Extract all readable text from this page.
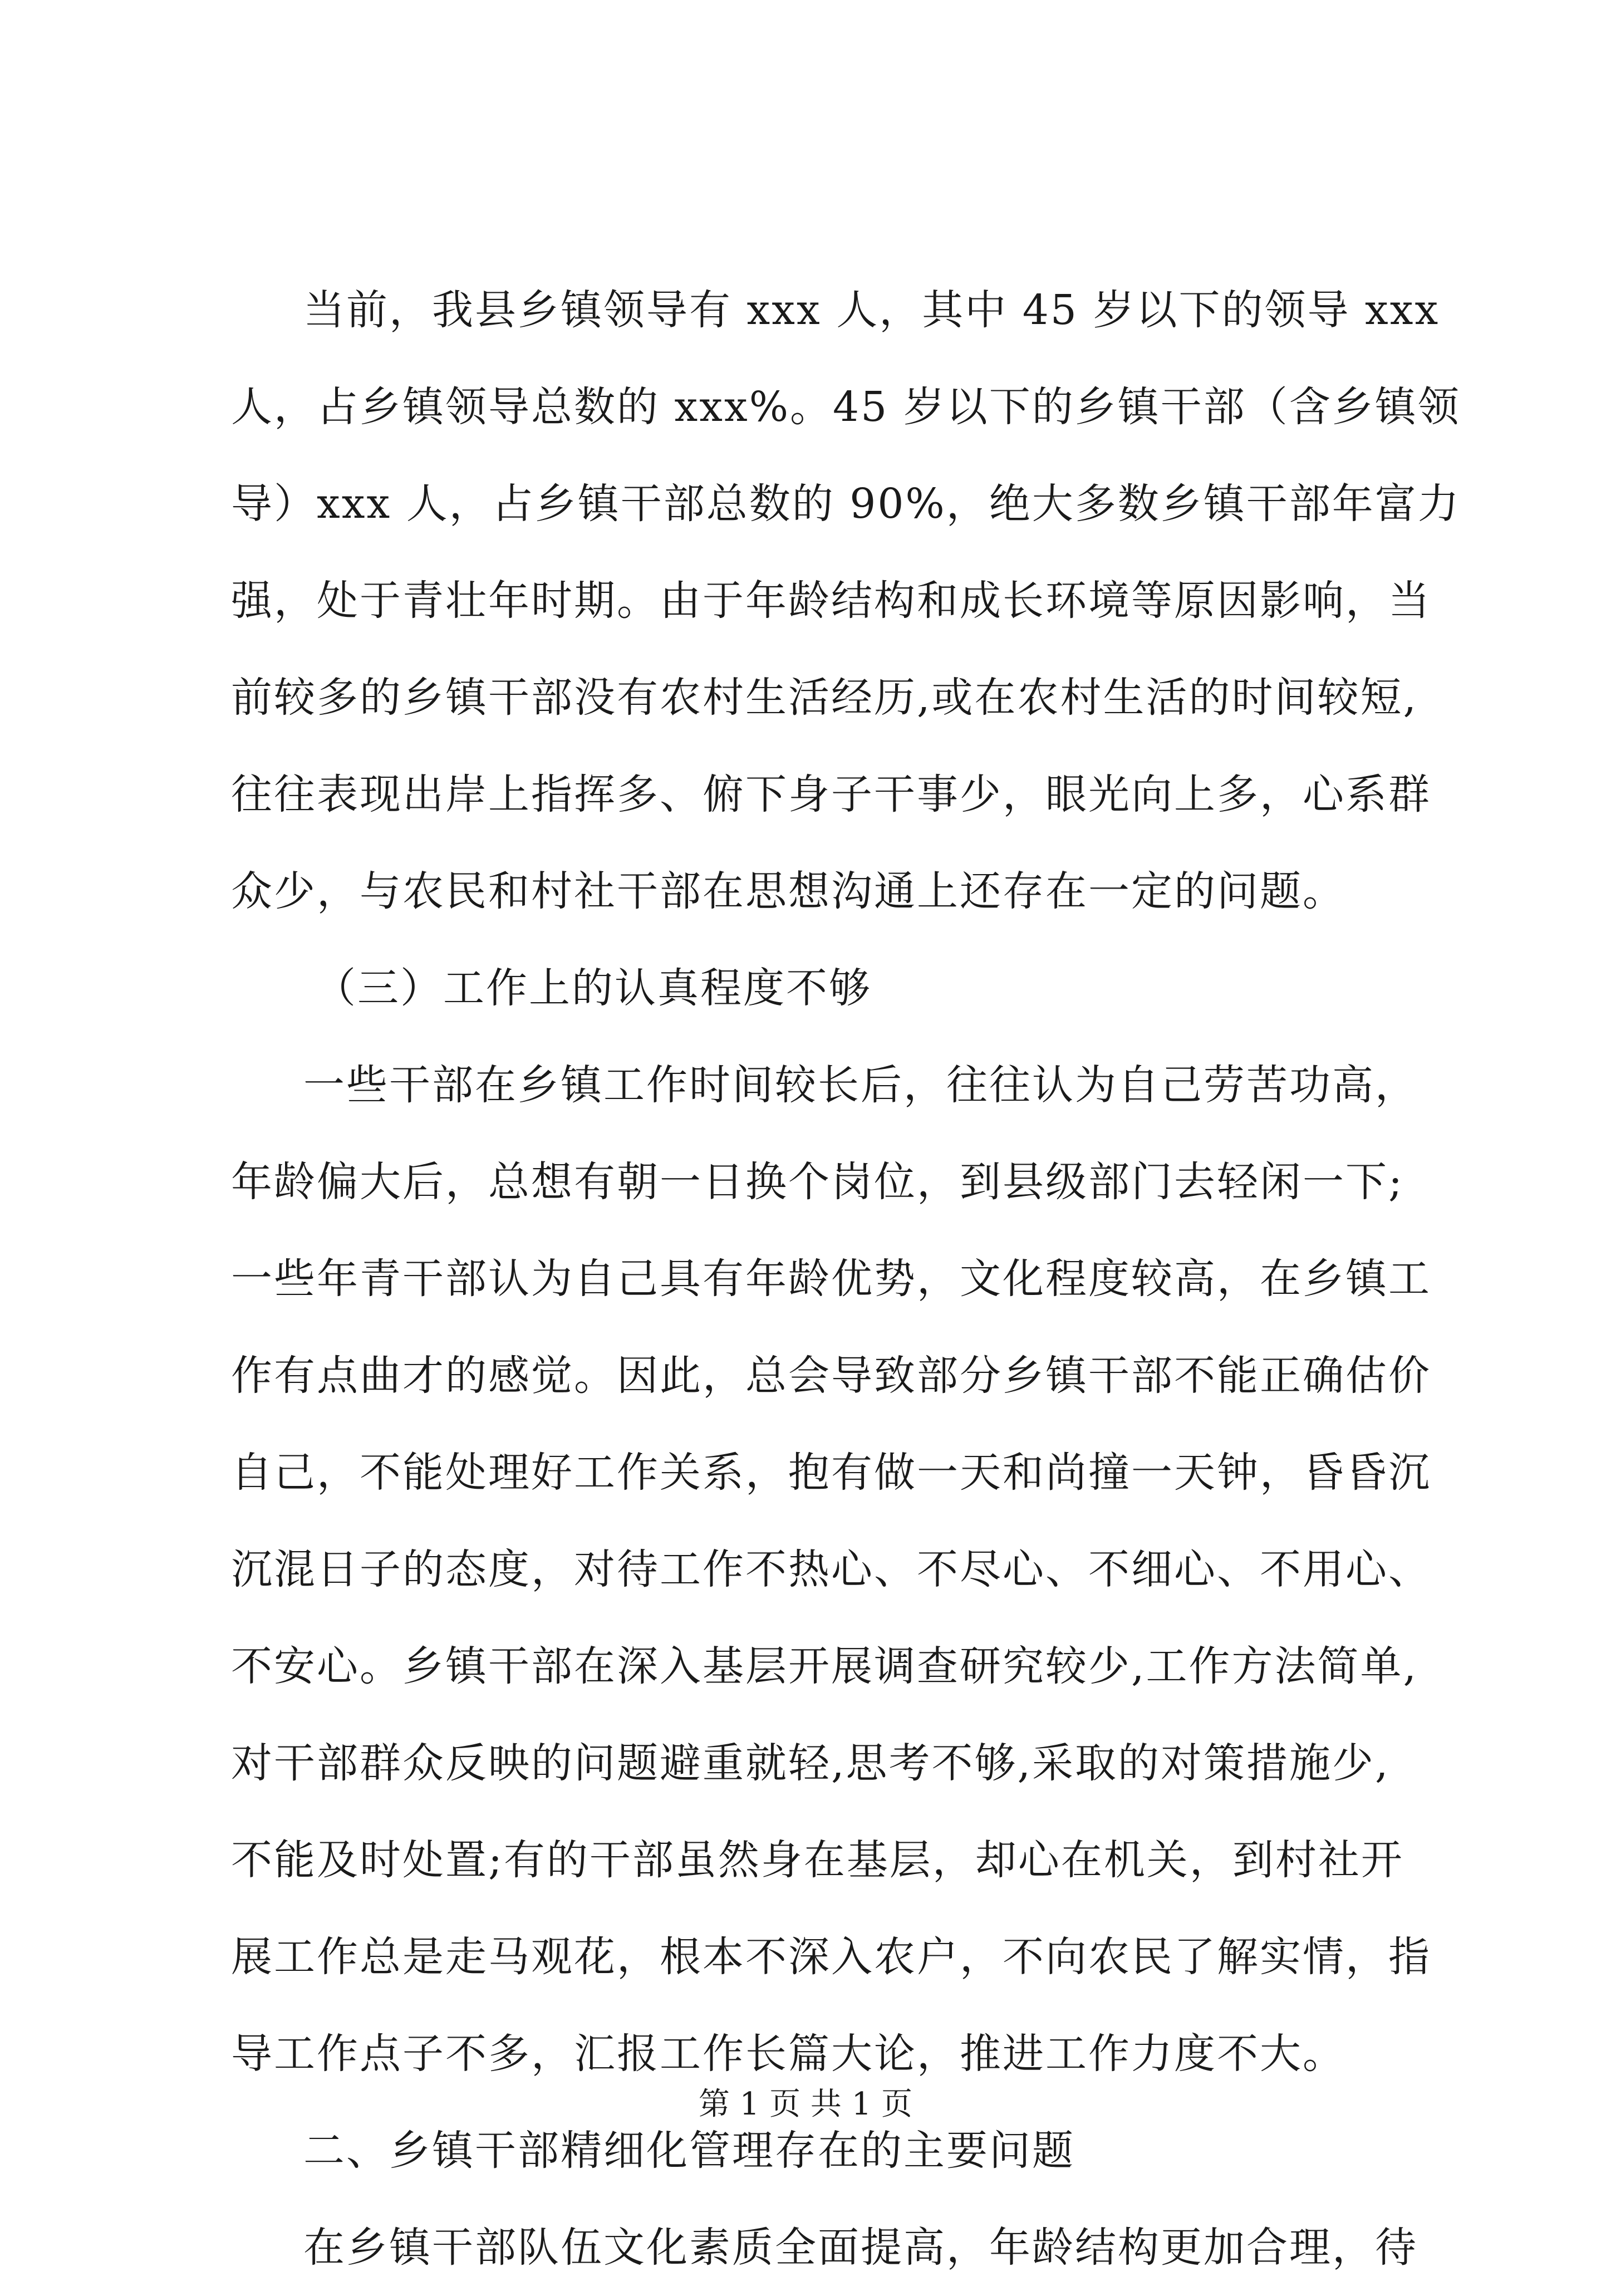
当前，我县乡镇领导有 xxx 人，其中 45 岁以下的领导 xxx
人，占乡镇领导总数的 xxx%。45 岁以下的乡镇干部（含乡镇领
导）xxx 人，占乡镇干部总数的 90%，绝大多数乡镇干部年富力
强，处于青壮年时期。由于年龄结构和成长环境等原因影响，当
前较多的乡镇干部没有农村生活经历,或在农村生活的时间较短,
往往表现出岸上指挥多、俯下身子干事少，眼光向上多，心系群
众少，与农民和村社干部在思想沟通上还存在一定的问题。
（三）工作上的认真程度不够
一些干部在乡镇工作时间较长后，往往认为自己劳苦功高，
年龄偏大后，总想有朝一日换个岗位，到县级部门去轻闲一下;
一些年青干部认为自己具有年龄优势，文化程度较高，在乡镇工
作有点曲才的感觉。因此，总会导致部分乡镇干部不能正确估价
自己，不能处理好工作关系，抱有做一天和尚撞一天钟，昏昏沉
沉混日子的态度，对待工作不热心、不尽心、不细心、不用心、
不安心。乡镇干部在深入基层开展调查研究较少,工作方法简单,
对干部群众反映的问题避重就轻,思考不够,采取的对策措施少,
不能及时处置;有的干部虽然身在基层，却心在机关，到村社开
展工作总是走马观花，根本不深入农户，不向农民了解实情，指
导工作点子不多，汇报工作长篇大论，推进工作力度不大。
二、乡镇干部精细化管理存在的主要问题
在乡镇干部队伍文化素质全面提高，年龄结构更加合理，待
第 1 页 共 1 页
